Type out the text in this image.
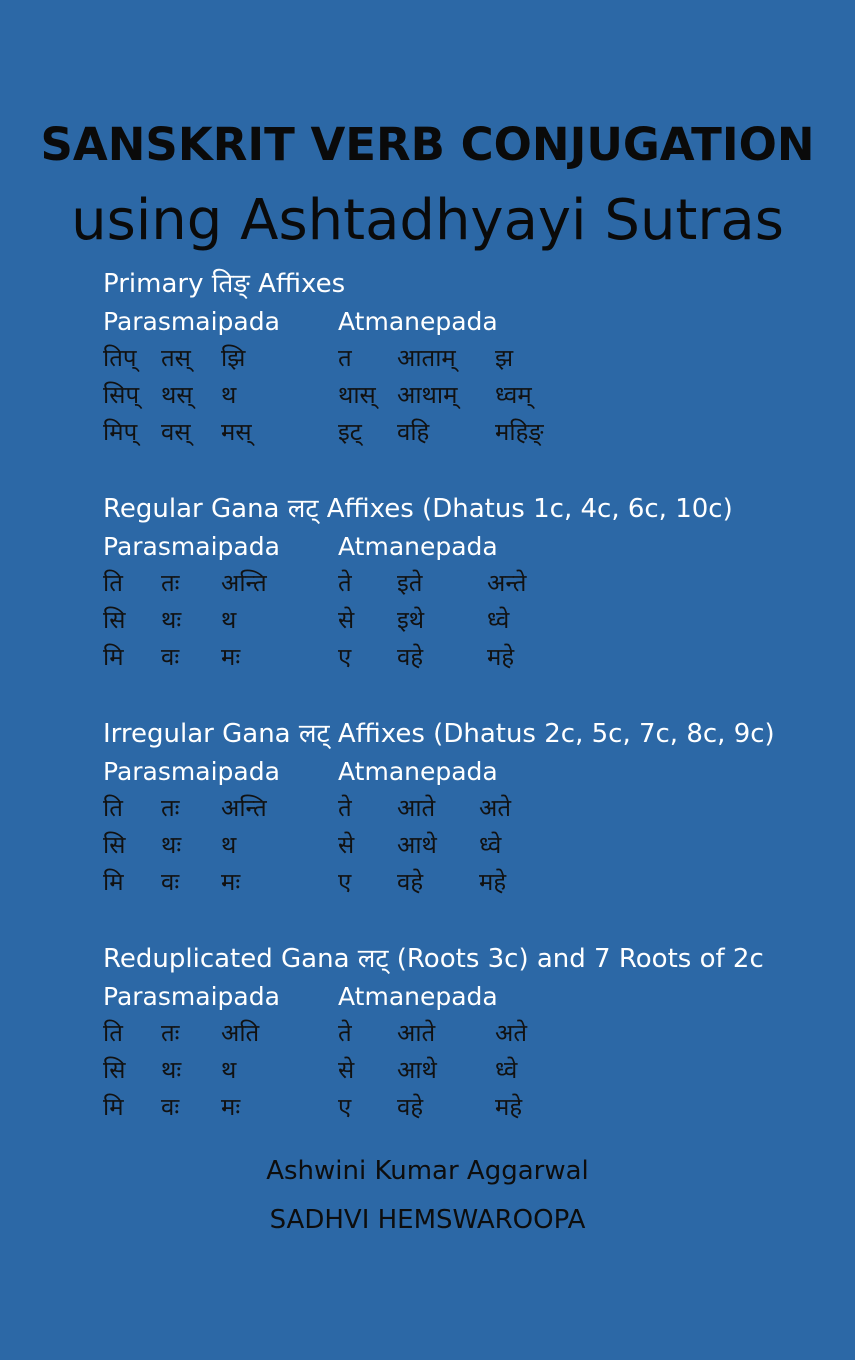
SANSKRIT VERB CONJUGATION
using Ashtadhyayi Sutras
Primary तिङ् Affixes
Parasmaipada Atmanepada
तिप् तस् झि	त आताम् झ
सिप् थस् थ	थास् आथाम् ध्वम्
मिप् वस् मस्	इट् वहि	महिङ्
Regular Gana लट् Affixes (Dhatus 1c, 4c, 6c, 10c)
Parasmaipada Atmanepada
ति तः अन्ति	ते इते	अन्ते
सि थः थ	से इथे	ध्वे
मि वः मः	ए वहे	महे
Irregular Gana लट् Affixes (Dhatus 2c, 5c, 7c, 8c, 9c)
Parasmaipada Atmanepada
ति तः अन्ति	ते आते अते
सि थः थ	से आथे ध्वे
मि वः मः	ए वहे महे
Reduplicated Gana लट् (Roots 3c) and 7 Roots of 2c
Parasmaipada Atmanepada
ति तः अति	ते आते अते
सि थः थ	से आथे ध्वे
मि वः मः	ए वहे	महे
Ashwini Kumar Aggarwal
SADHVI HEMSWAROOPA
